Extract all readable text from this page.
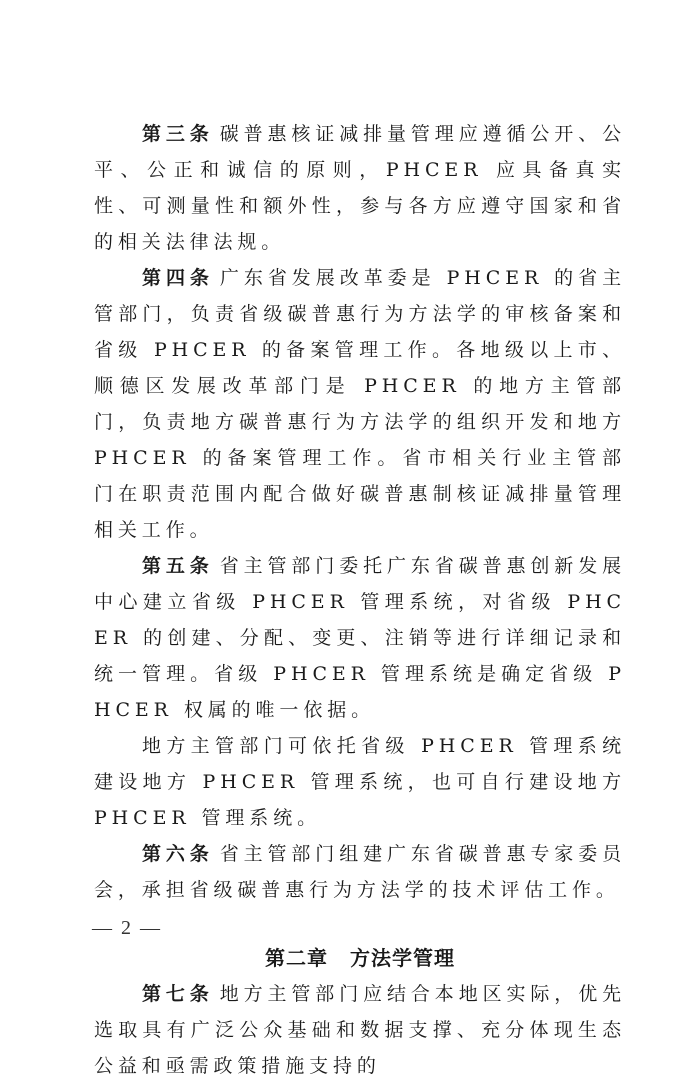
第三条 碳普惠核证减排量管理应遵循公开、公平、公正和诚信的原则，PHCER 应具备真实性、可测量性和额外性，参与各方应遵守国家和省的相关法律法规。

第四条 广东省发展改革委是 PHCER 的省主管部门，负责省级碳普惠行为方法学的审核备案和省级 PHCER 的备案管理工作。各地级以上市、顺德区发展改革部门是 PHCER 的地方主管部门，负责地方碳普惠行为方法学的组织开发和地方 PHCER 的备案管理工作。省市相关行业主管部门在职责范围内配合做好碳普惠制核证减排量管理相关工作。

第五条 省主管部门委托广东省碳普惠创新发展中心建立省级 PHCER 管理系统，对省级 PHCER 的创建、分配、变更、注销等进行详细记录和统一管理。省级 PHCER 管理系统是确定省级 PHCER 权属的唯一依据。

地方主管部门可依托省级 PHCER 管理系统建设地方 PHCER 管理系统，也可自行建设地方 PHCER 管理系统。

第六条 省主管部门组建广东省碳普惠专家委员会，承担省级碳普惠行为方法学的技术评估工作。

第二章 方法学管理

第七条 地方主管部门应结合本地区实际，优先选取具有广泛公众基础和数据支撑、充分体现生态公益和亟需政策措施支持的

— 2 —
